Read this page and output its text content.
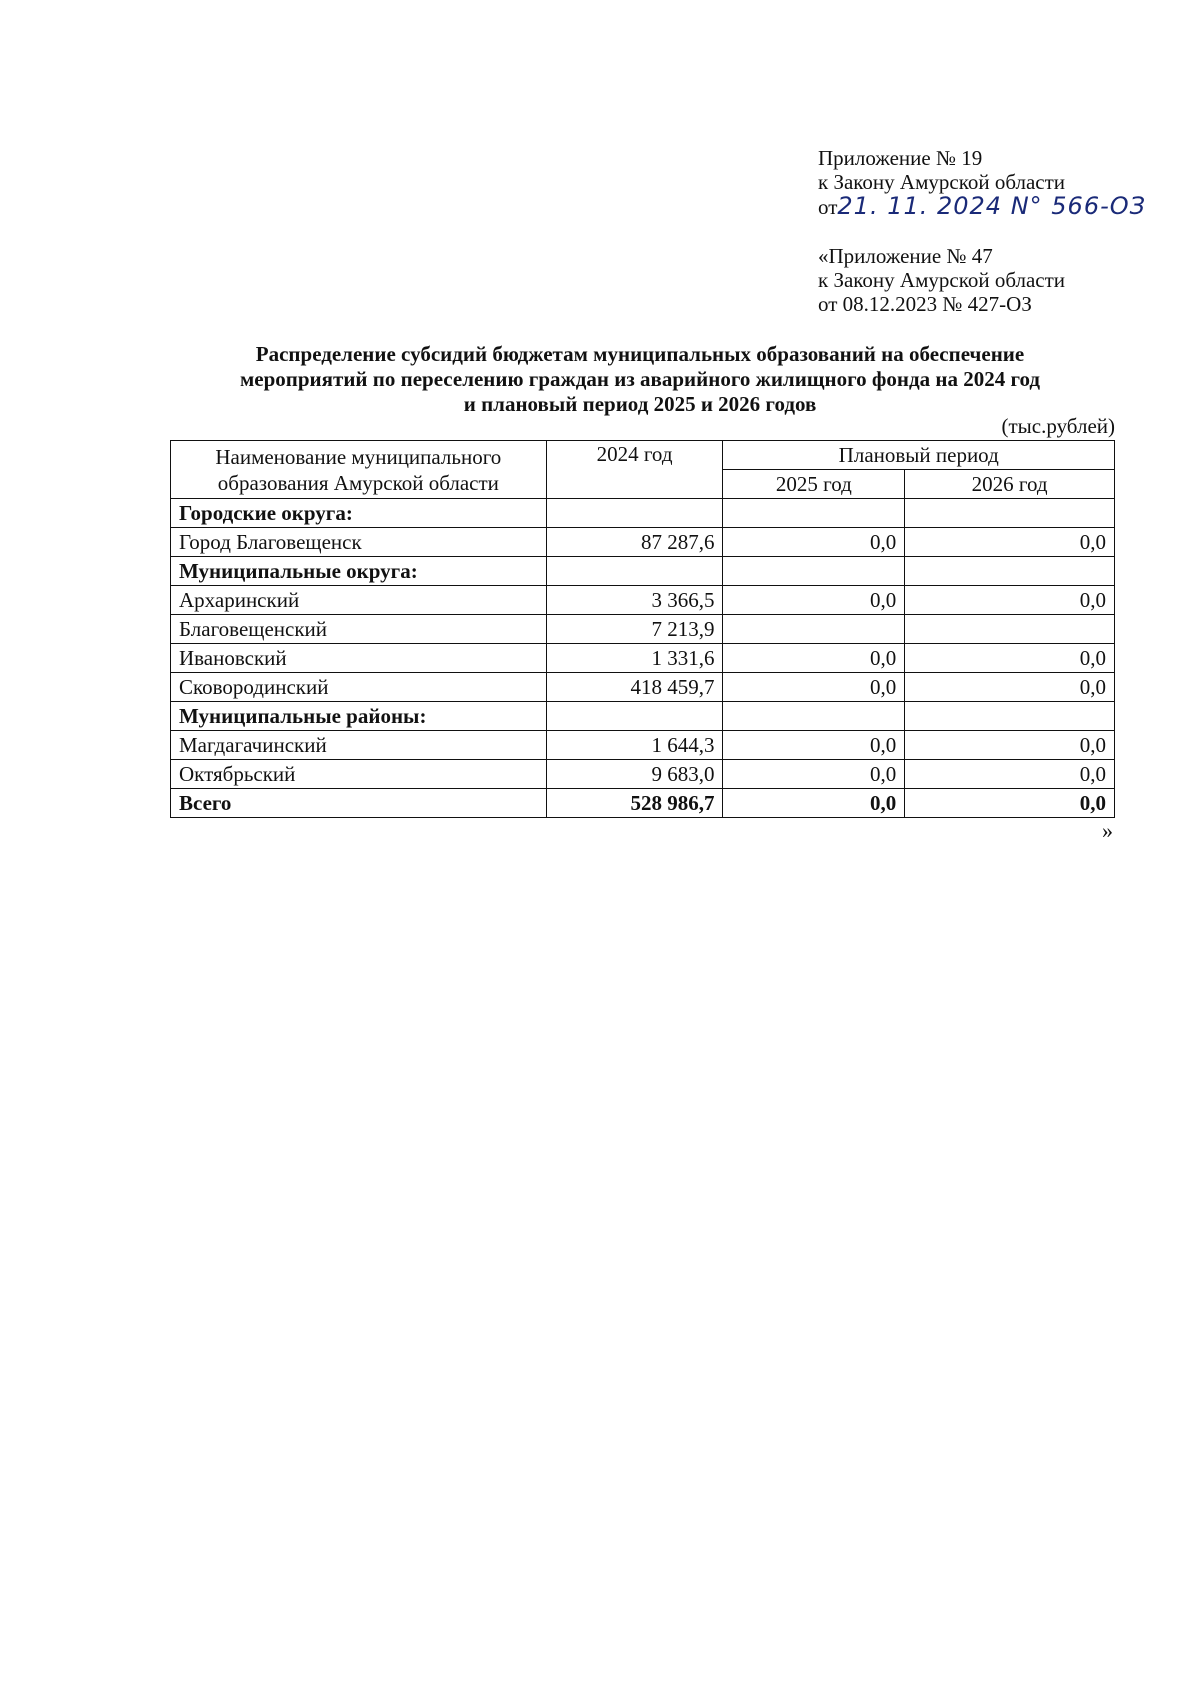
Приложение № 19
к Закону Амурской области
от21. 11. 2024 N° 566-ОЗ
«Приложение № 47
к Закону Амурской области
от 08.12.2023 № 427-ОЗ
Распределение субсидий бюджетам муниципальных образований на обеспечение
мероприятий по переселению граждан из аварийного жилищного фонда на 2024 год
и плановый период 2025 и 2026 годов
(тыс.рублей)
Наименование муниципального образования Амурской области	2024 год	Плановый период	
		2025 год	2026 год
Городские округа:			
Город Благовещенск	87 287,6	0,0	0,0
Муниципальные округа:			
Архаринский	3 366,5	0,0	0,0
Благовещенский	7 213,9		
Ивановский	1 331,6	0,0	0,0
Сковородинский	418 459,7	0,0	0,0
Муниципальные районы:			
Магдагачинский	1 644,3	0,0	0,0
Октябрьский	9 683,0	0,0	0,0
Всего	528 986,7	0,0	0,0
»
